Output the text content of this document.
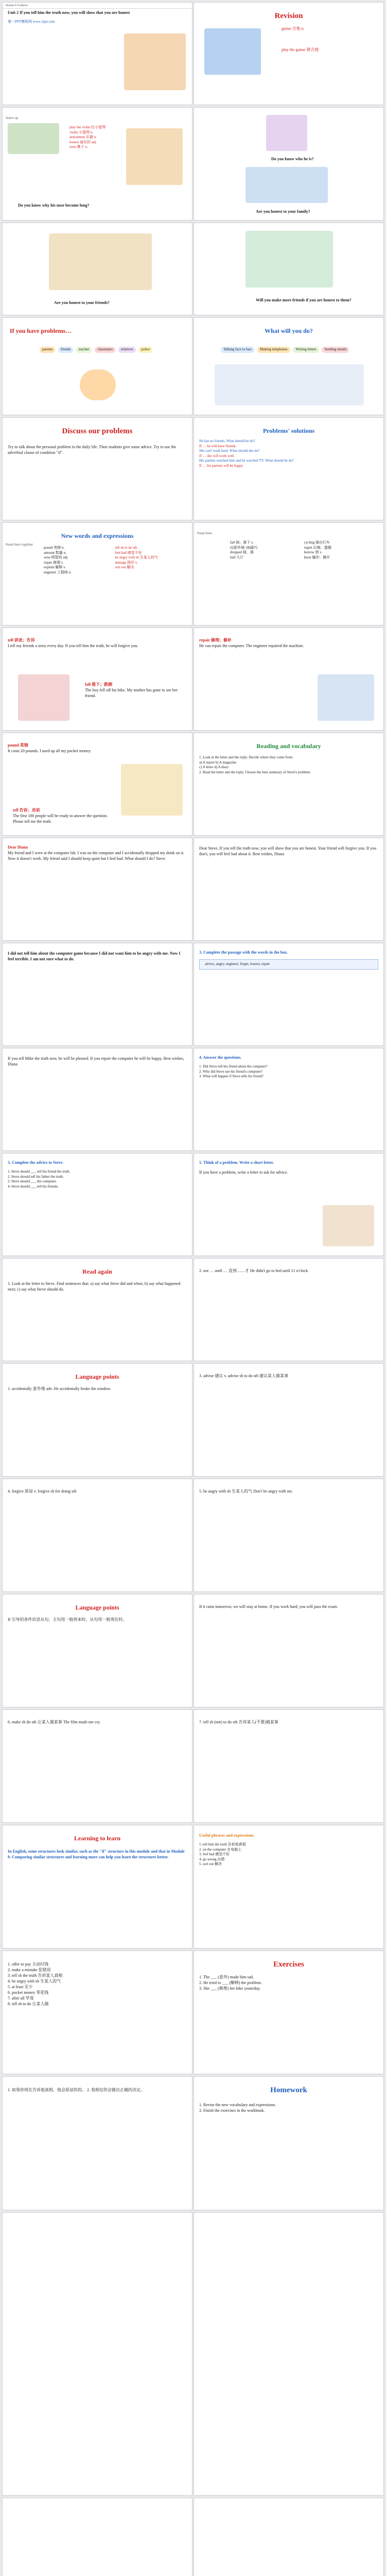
Module 6 Problems
Unit 2 If you tell him the truth now, you will show that you are honest
第一PPT模板网 www.1ppt.com
Revision
guitar 吉他 n.
play the guitar 弹吉他
Warm up
play the violin 拉小提琴
violin 小提琴 n.
instrument 乐器 n.
honest 诚实的 adj.
nose 鼻子 n.
Do you know why his nose become long?
Do you know who he is?
Are you honest to your family?
Are you honest to your friends?
Will you make more friends if you are honest to them?
If you have problems…
parents friends teacher classmates relatives police
What will you do?
Talking face to face Making telephones Writing letters Sending emails
Discuss our problems
Try to talk about the personal problem in the daily life. Then students give some advice. Try to use the adverbial clause of condition "if".
Problems' solutions
He has no friends. What should he do?
If … he will have friends.
She can't work hard. What should she do?
If … she will work well.
His parents watched him and he watched TV. What should he do?
If … his parents will be happy.
New words and expressions
Read them together
pound 英镑 n.
amount 数量 n.
wise 明智的 adj.
repair 修理 v.
explain 解释 v.
engineer 工程师 n.
tell sb to do sth
feel bad 感觉不好
be angry with sb 生某人的气
damage 损坏 v.
sort out 解决
Read them
fall 掉；落下 v.
(Ⅰ)意外地/ (Ⅱ)碰巧
dropped 掉，落
hall 大厅
cycling 骑自行车
regret 后悔，遗憾
borrow 借 v.
burst 爆炸；撕开
tell 讲述；告诉
I tell my friends a story every day. If you tell him the truth, he will forgive you.
fall 落下；跌倒
The boy fell off his bike. My mother has gone to see her friend.
repair 修理；修补
He can repair the computer. The engineer repaired the machine.
pound 英镑
It costs 20 pounds. I used up all my pocket money.
tell 告诉；劝说
The first 100 people will be ready to answer the question. Please tell me the truth.
Reading and vocabulary
1. Look at the letter and the reply. Decide where they come from.
a) A report b) A magazine
c) A letter d) A diary
2. Read the letter and the reply. Choose the best summary of Steve's problem.
Dear Diana
My friend and I were at the computer lab. I was on the computer and I accidentally dropped my drink on it. Now it doesn't work. My friend said I should keep quiet but I feel bad. What should I do? Steve
Dear Steve, If you tell the truth now, you will show that you are honest. Your friend will forgive you. If you don't, you will feel bad about it. Best wishes, Diana
I did not tell him about the computer game because I did not want him to be angry with me. Now I feel terrible. I am not sure what to do.
3. Complete the passage with the words in the box.
advice, angry, engineer, forget, honest, repair
If you tell Mike the truth now, he will be pleased. If you repair the computer he will be happy. Best wishes, Diana
4. Answer the questions.
1. Did Steve tell his friend about the computer?
2. Why did Steve use his friend's computer?
3. What will happen if Steve tells his friend?
3. Complete the advice to Steve.
1. Steve should ___ tell his friend the truth.
2. Steve should tell his father the truth.
3. Steve should ___ the computer.
4. Steve should ___ tell his friends.
5. Think of a problem. Write a short letter.
If you have a problem, write a letter to ask for advice.
Read again
1. Look at the letter to Steve. Find sentences that: a) say what Steve did and when; b) say what happened next; c) say what Steve should do.
2. not … until … 直到……才 He didn't go to bed until 11 o'clock.
Language points
1. accidentally 意外地 adv. He accidentally broke the window.
3. advise 建议 v. advise sb to do sth 建议某人做某事
4. forgive 原谅 v. forgive sb for doing sth	5. be angry with sb 生某人的气 Don't be angry with me.
Language points
If 引导的条件状语从句，主句用一般将来时，从句用一般现在时。
If it rains tomorrow, we will stay at home. If you work hard, you will pass the exam.
6. make sb do sth 让某人做某事 The film made me cry.	7. tell sb (not) to do sth 告诉某人(不要)做某事
Learning to learn
In English, some structures look similar, such as the "if" structure in this module and that in Module 9. Comparing similar structures and learning more can help you learn the structures better.
Useful phrases and expressions
1. tell him the truth 告诉他真相
2. on the computer 在电脑上
3. feel bad 感觉不好
4. go wrong 出错
5. sort out 解决
1. offer to pay 主动付钱
2. make a mistake 犯错误
3. tell sb the truth 告诉某人真相
4. be angry with sb 生某人的气
5. at least 至少
6. pocket money 零花钱
7. after all 毕竟
8. tell sb to do 让某人做
Exercises
1. The ___ (意外) made him sad.
2. He tried to ___ (解释) the problem.
3. She ___ (修理) her bike yesterday.
1. 如果你现在告诉他真相，他会原谅你的。 2. 我相信你会做出正确的决定。	Homework
1. Revise the new vocabulary and expressions.
2. Finish the exercises in the workbook.
